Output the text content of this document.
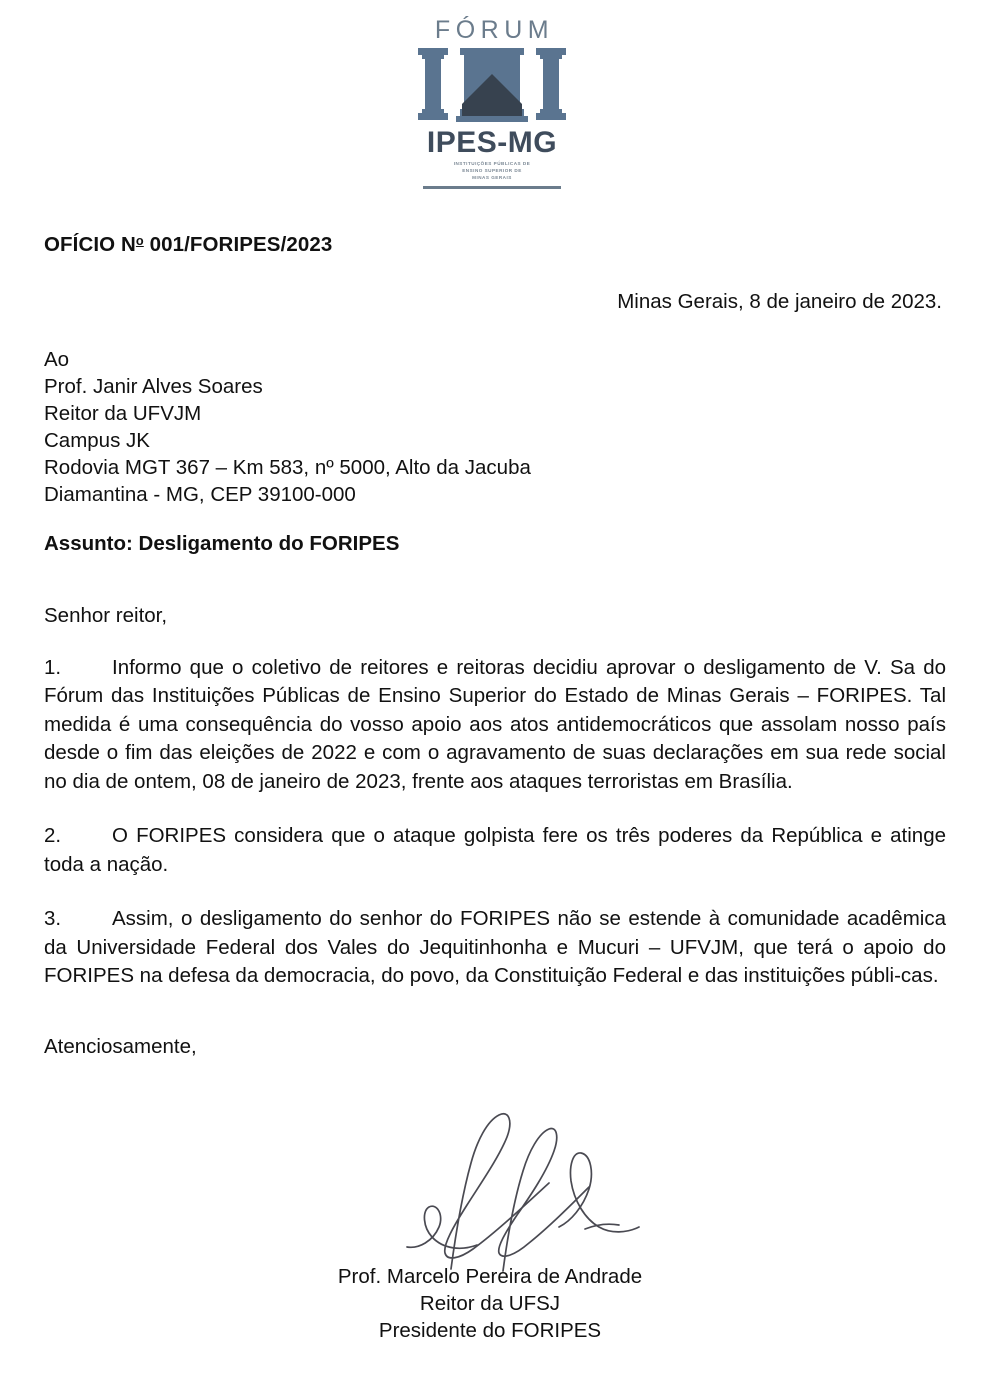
FÓRUM
IPES-MG
INSTITUIÇÕES PÚBLICAS DE
ENSINO SUPERIOR DE
MINAS GERAIS
OFÍCIO $N^o$ 001/FORIPES/2023
Minas Gerais, 8 de janeiro de 2023.
Ao
Prof. Janir Alves Soares
Reitor da UFVJM
Campus JK
Rodovia MGT 367 – Km 583, nº 5000, Alto da Jacuba
Diamantina - MG, CEP 39100-000
Assunto: Desligamento do FORIPES
Senhor reitor,
1. Informo que o coletivo de reitores e reitoras decidiu aprovar o desligamento de V. Sa do Fórum das Instituições Públicas de Ensino Superior do Estado de Minas Gerais – FORIPES. Tal medida é uma consequência do vosso apoio aos atos antidemocráticos que assolam nosso país desde o fim das eleições de 2022 e com o agravamento de suas declarações em sua rede social no dia de ontem, 08 de janeiro de 2023, frente aos ataques terroristas em Brasília.
2. O FORIPES considera que o ataque golpista fere os três poderes da República e atinge toda a nação.
3. Assim, o desligamento do senhor do FORIPES não se estende à comunidade acadêmica da Universidade Federal dos Vales do Jequitinhonha e Mucuri – UFVJM, que terá o apoio do FORIPES na defesa da democracia, do povo, da Constituição Federal e das instituições públi-cas.
Atenciosamente,
Prof. Marcelo Pereira de Andrade
Reitor da UFSJ
Presidente do FORIPES
